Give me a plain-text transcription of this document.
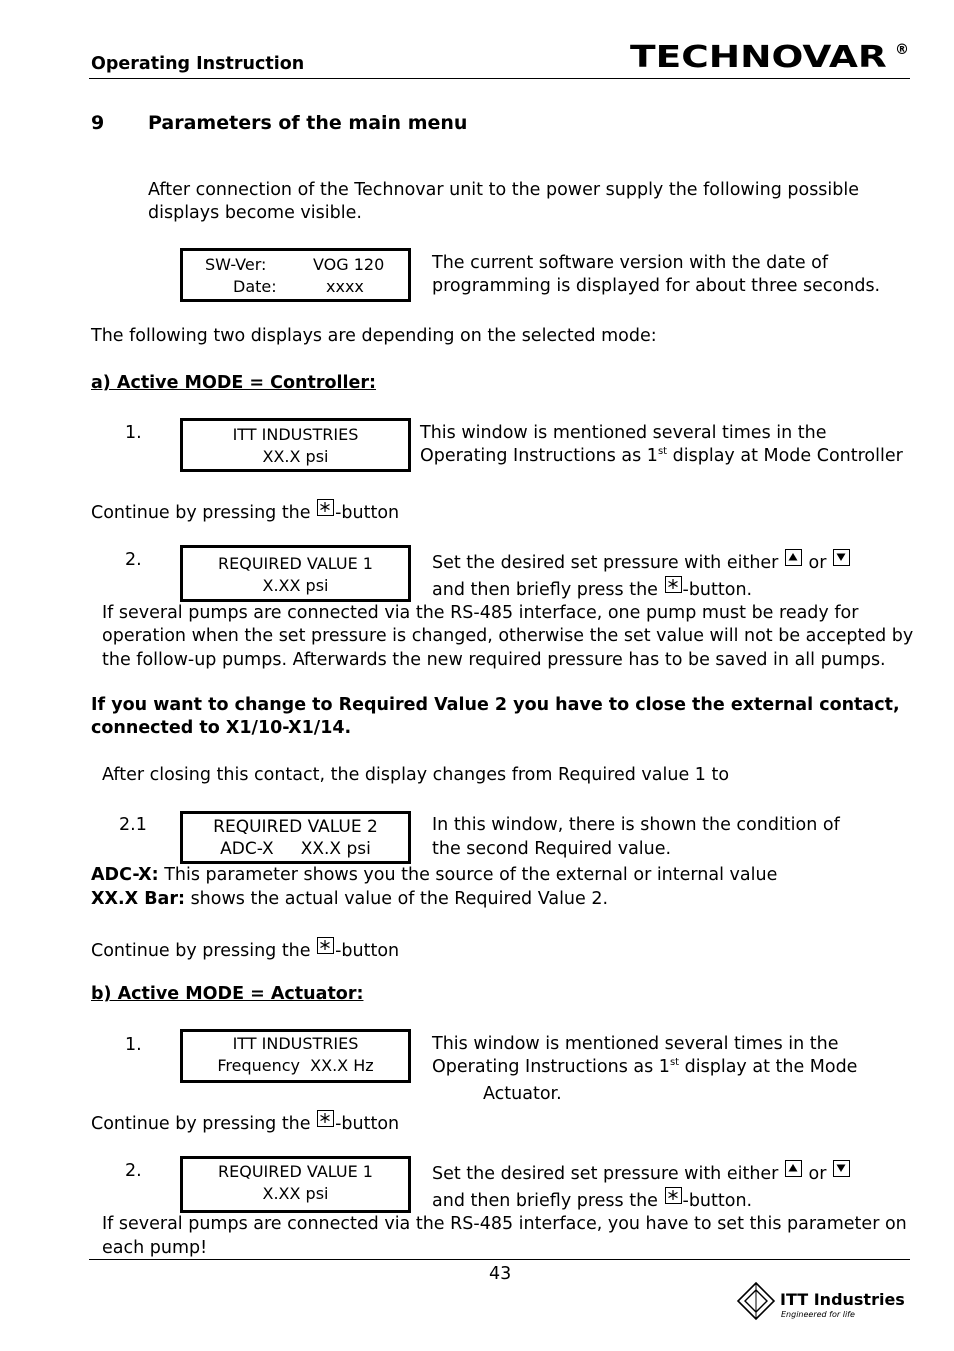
Operating Instruction	TECHNOVAR ®
9 Parameters of the main menu
After connection of the Technovar unit to the power supply the following possible
displays become visible.
SW-Ver:	VOG 120
Date:	xxxx
The current software version with the date of
programming is displayed for about three seconds.
The following two displays are depending on the selected mode:
a) Active MODE = Controller:
1.	ITT INDUSTRIES
XX.X psi
This window is mentioned several times in the
Operating Instructions as 1st display at Mode Controller
Continue by pressing the
-button
2.	REQUIRED VALUE 1
X.XX psi
Set the desired set pressure with either
or
and then briefly press the
-button.
If several pumps are connected via the RS-485 interface, one pump must be ready for
operation when the set pressure is changed, otherwise the set value will not be accepted by
the follow-up pumps. Afterwards the new required pressure has to be saved in all pumps.
If you want to change to Required Value 2 you have to close the external contact,
connected to X1/10-X1/14.
After closing this contact, the display changes from Required value 1 to
2.1	REQUIRED VALUE 2
ADC-X     XX.X psi
In this window, there is shown the condition of
the second Required value.
ADC-X: This parameter shows you the source of the external or internal value
XX.X Bar: shows the actual value of the Required Value 2.
Continue by pressing the
-button
b) Active MODE = Actuator:
1.	ITT INDUSTRIES
Frequency  XX.X Hz
This window is mentioned several times in the
Operating Instructions as 1st display at the Mode
Actuator.
Continue by pressing the
-button
2.	REQUIRED VALUE 1
X.XX psi
Set the desired set pressure with either
or
and then briefly press the
-button.
If several pumps are connected via the RS-485 interface, you have to set this parameter on
each pump!
43
ITT Industries
Engineered for life
